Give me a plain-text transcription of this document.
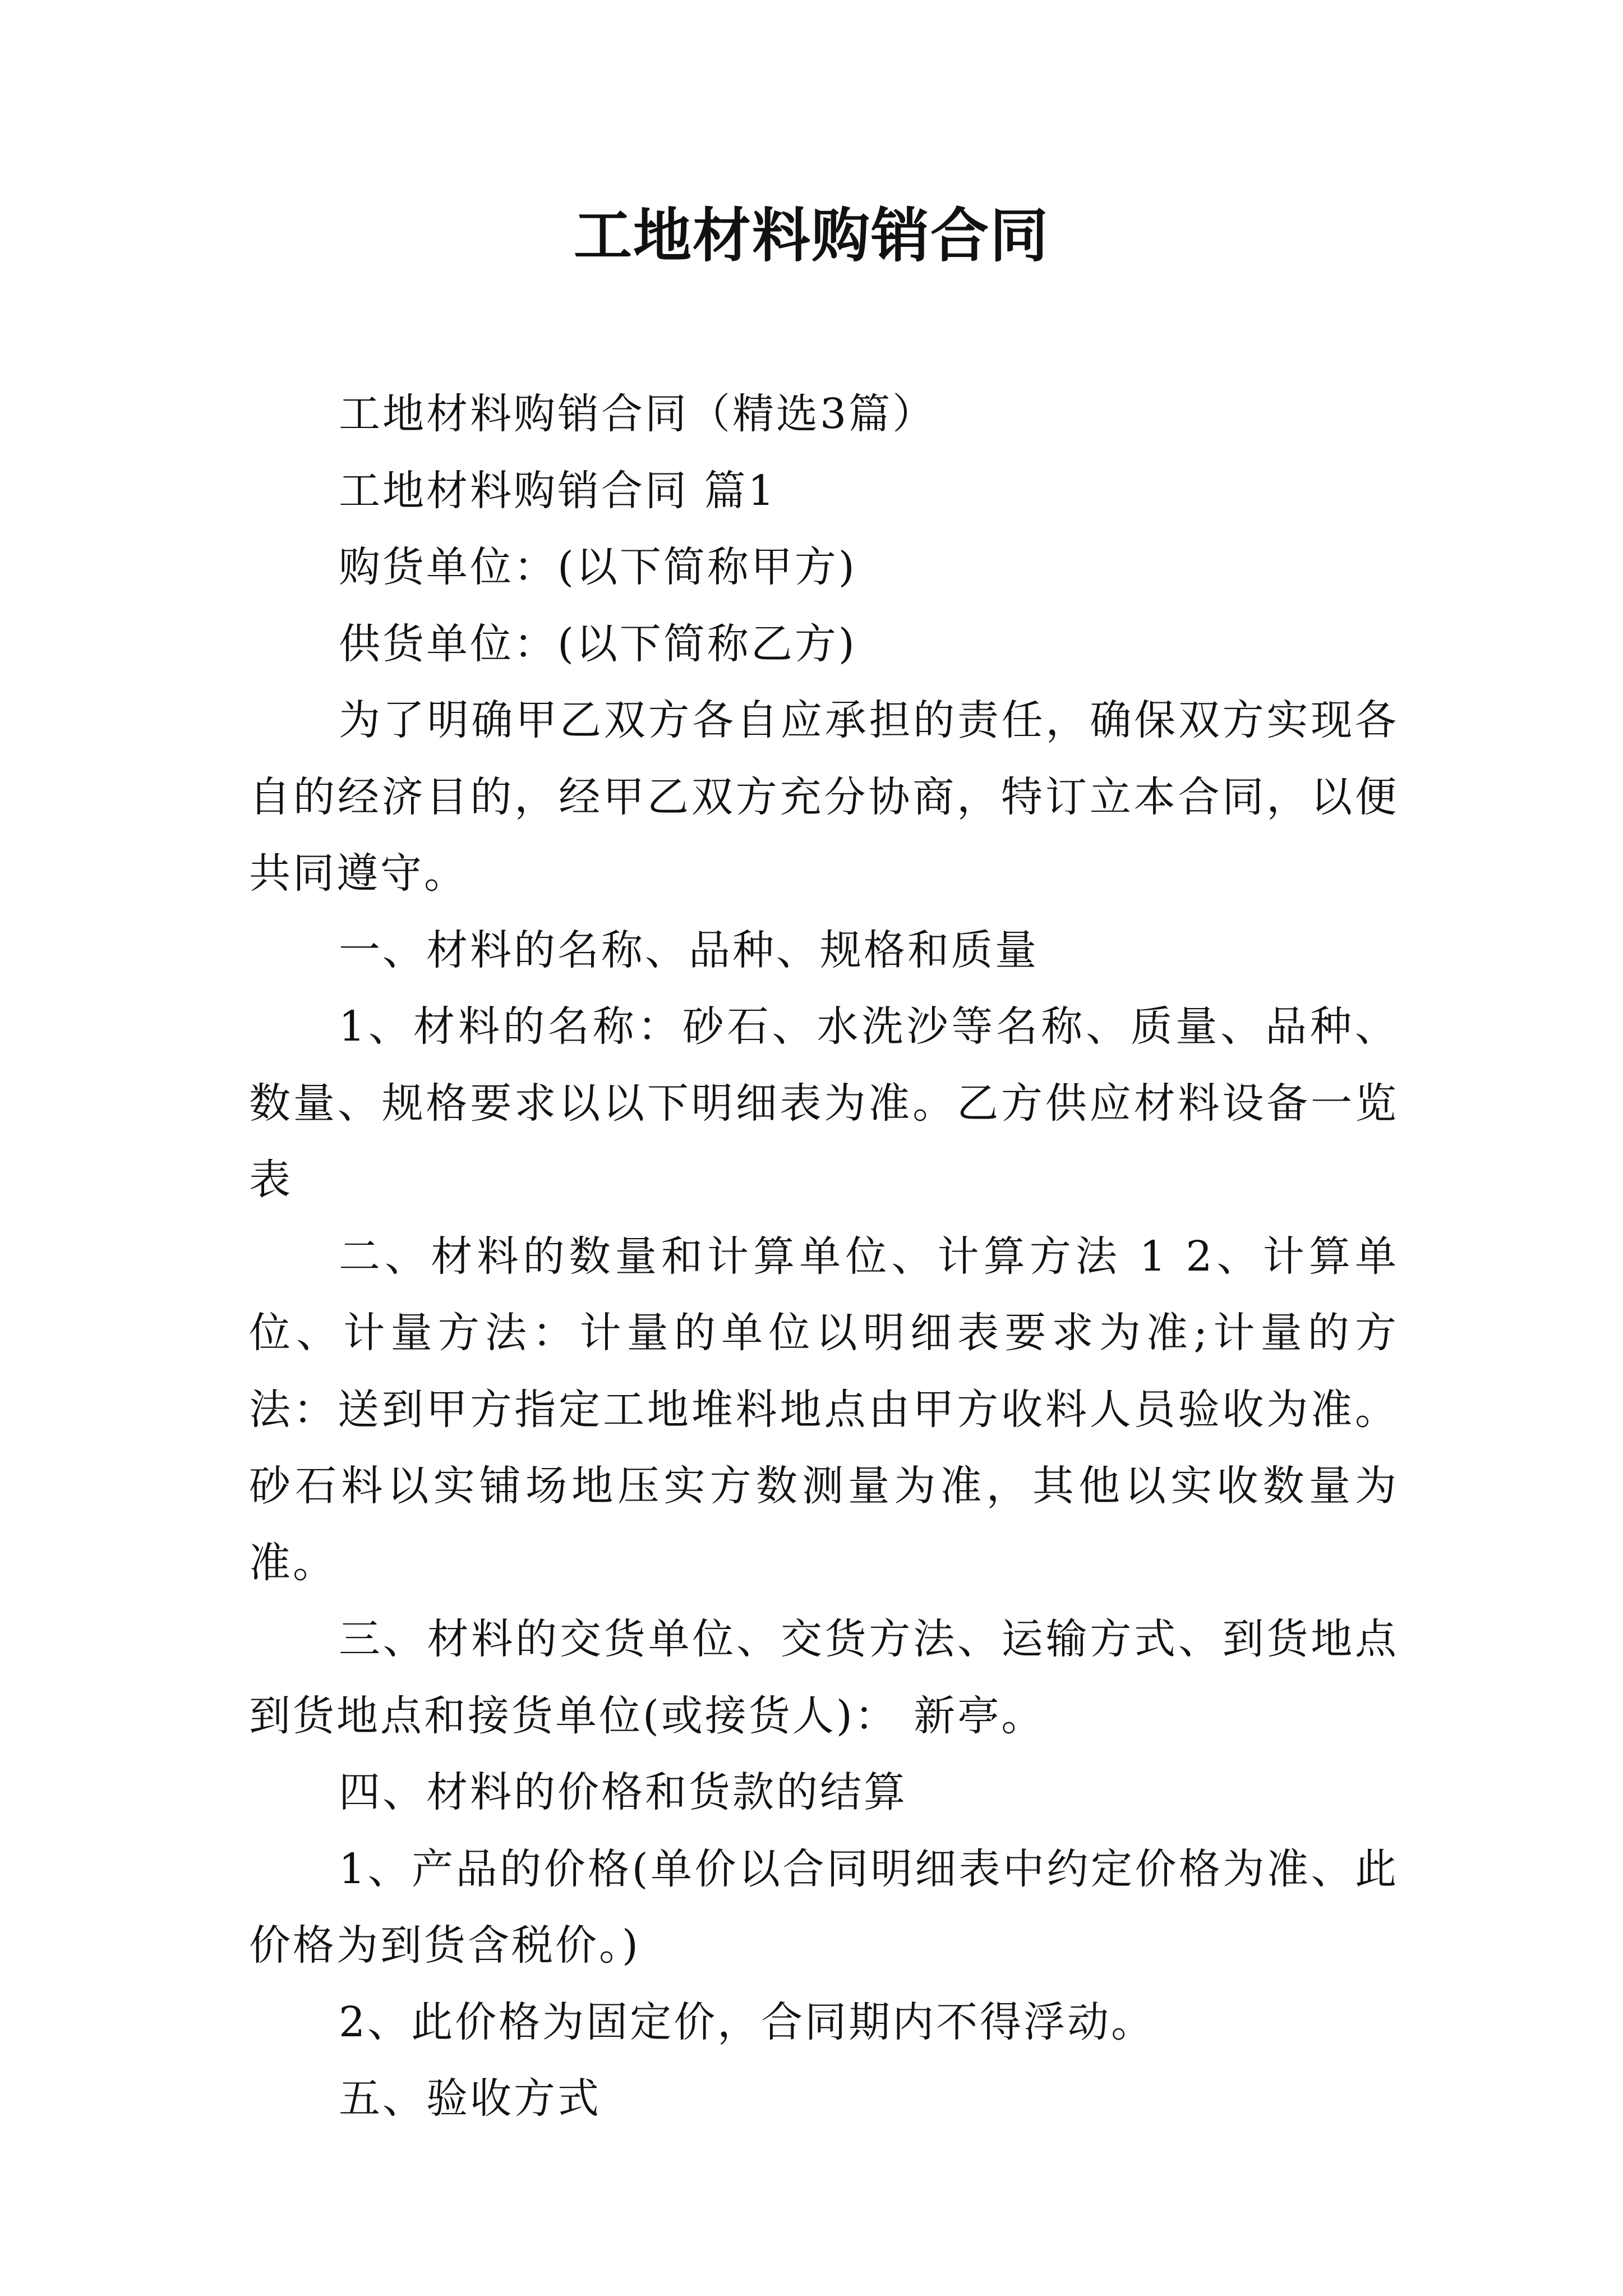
工地材料购销合同

工地材料购销合同（精选3篇）

工地材料购销合同 篇1

购货单位：(以下简称甲方)

供货单位：(以下简称乙方)

为了明确甲乙双方各自应承担的责任，确保双方实现各自的经济目的，经甲乙双方充分协商，特订立本合同，以便共同遵守。

一、材料的名称、品种、规格和质量

1、材料的名称：砂石、水洗沙等名称、质量、品种、数量、规格要求以以下明细表为准。乙方供应材料设备一览表

二、材料的数量和计算单位、计算方法 1 2、计算单位、计量方法：计量的单位以明细表要求为准;计量的方法：送到甲方指定工地堆料地点由甲方收料人员验收为准。砂石料以实铺场地压实方数测量为准，其他以实收数量为准。

三、材料的交货单位、交货方法、运输方式、到货地点到货地点和接货单位(或接货人)： 新亭。

四、材料的价格和货款的结算

1、产品的价格(单价以合同明细表中约定价格为准、此价格为到货含税价。)

2、此价格为固定价，合同期内不得浮动。

五、验收方式
